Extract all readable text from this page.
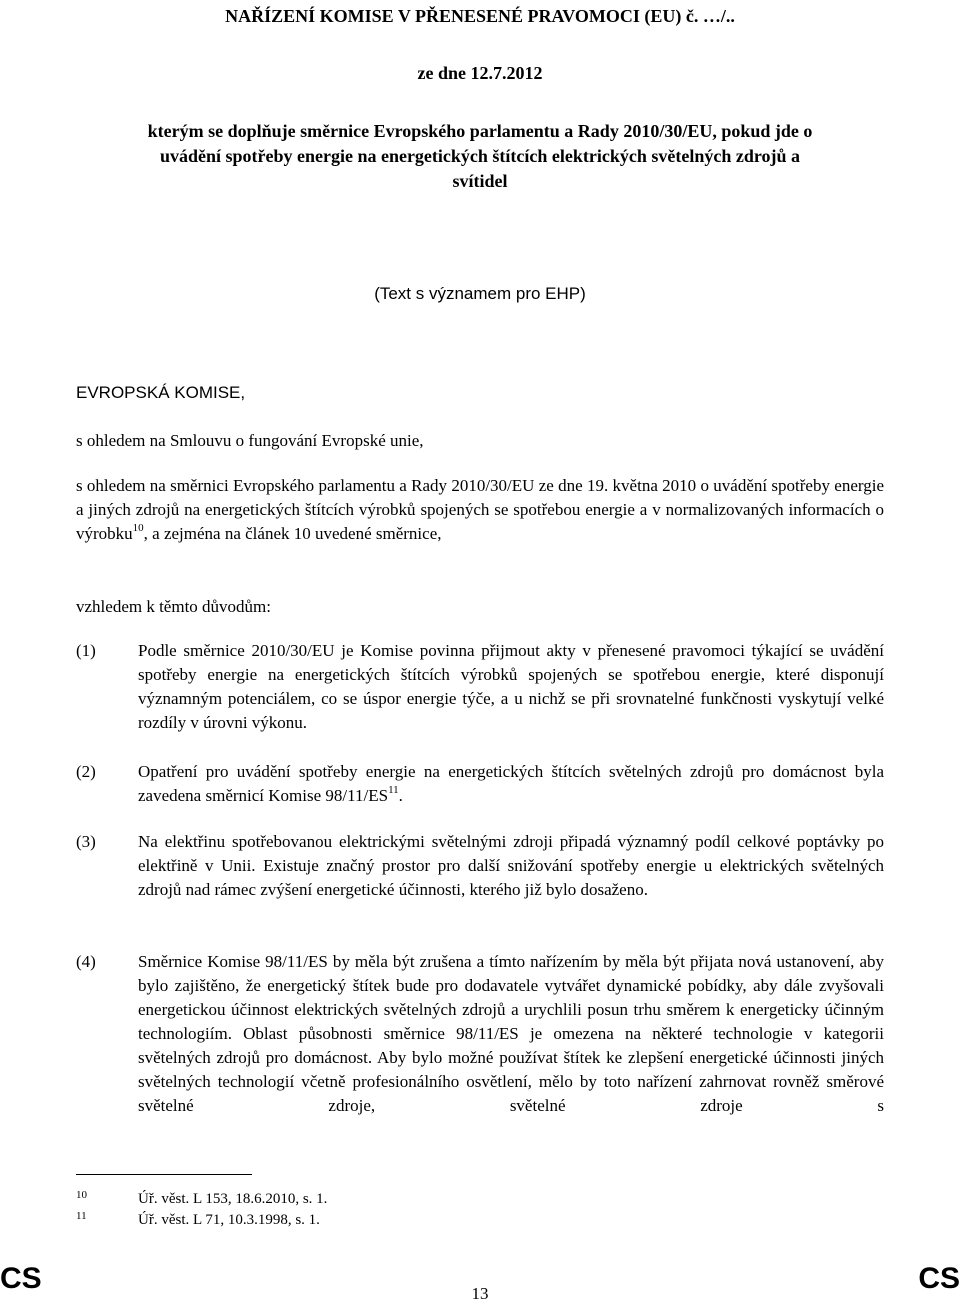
NAŘÍZENÍ KOMISE V PŘENESENÉ PRAVOMOCI (EU) č. …/..
ze dne 12.7.2012
kterým se doplňuje směrnice Evropského parlamentu a Rady 2010/30/EU, pokud jde o
uvádění spotřeby energie na energetických štítcích elektrických světelných zdrojů a
svítidel
(Text s významem pro EHP)
EVROPSKÁ KOMISE,
s ohledem na Smlouvu o fungování Evropské unie,
s ohledem na směrnici Evropského parlamentu a Rady 2010/30/EU ze dne 19. května 2010 o uvádění spotřeby energie a jiných zdrojů na energetických štítcích výrobků spojených se spotřebou energie a v normalizovaných informacích o výrobku$^{10}$, a zejména na článek 10 uvedené směrnice,
vzhledem k těmto důvodům:
(1) Podle směrnice 2010/30/EU je Komise povinna přijmout akty v přenesené pravomoci týkající se uvádění spotřeby energie na energetických štítcích výrobků spojených se spotřebou energie, které disponují významným potenciálem, co se úspor energie týče, a u nichž se při srovnatelné funkčnosti vyskytují velké rozdíly v úrovni výkonu.
(2) Opatření pro uvádění spotřeby energie na energetických štítcích světelných zdrojů pro domácnost byla zavedena směrnicí Komise 98/11/ES$^{11}$.
(3) Na elektřinu spotřebovanou elektrickými světelnými zdroji připadá významný podíl celkové poptávky po elektřině v Unii. Existuje značný prostor pro další snižování spotřeby energie u elektrických světelných zdrojů nad rámec zvýšení energetické účinnosti, kterého již bylo dosaženo.
(4) Směrnice Komise 98/11/ES by měla být zrušena a tímto nařízením by měla být přijata nová ustanovení, aby bylo zajištěno, že energetický štítek bude pro dodavatele vytvářet dynamické pobídky, aby dále zvyšovali energetickou účinnost elektrických světelných zdrojů a urychlili posun trhu směrem k energeticky účinným technologiím. Oblast působnosti směrnice 98/11/ES je omezena na některé technologie v kategorii světelných zdrojů pro domácnost. Aby bylo možné používat štítek ke zlepšení energetické účinnosti jiných světelných technologií včetně profesionálního osvětlení, mělo by toto nařízení zahrnovat rovněž směrové světelné zdroje, světelné zdroje s
10	Úř. věst. L 153, 18.6.2010, s. 1.
11	Úř. věst. L 71, 10.3.1998, s. 1.
CS	13	CS
